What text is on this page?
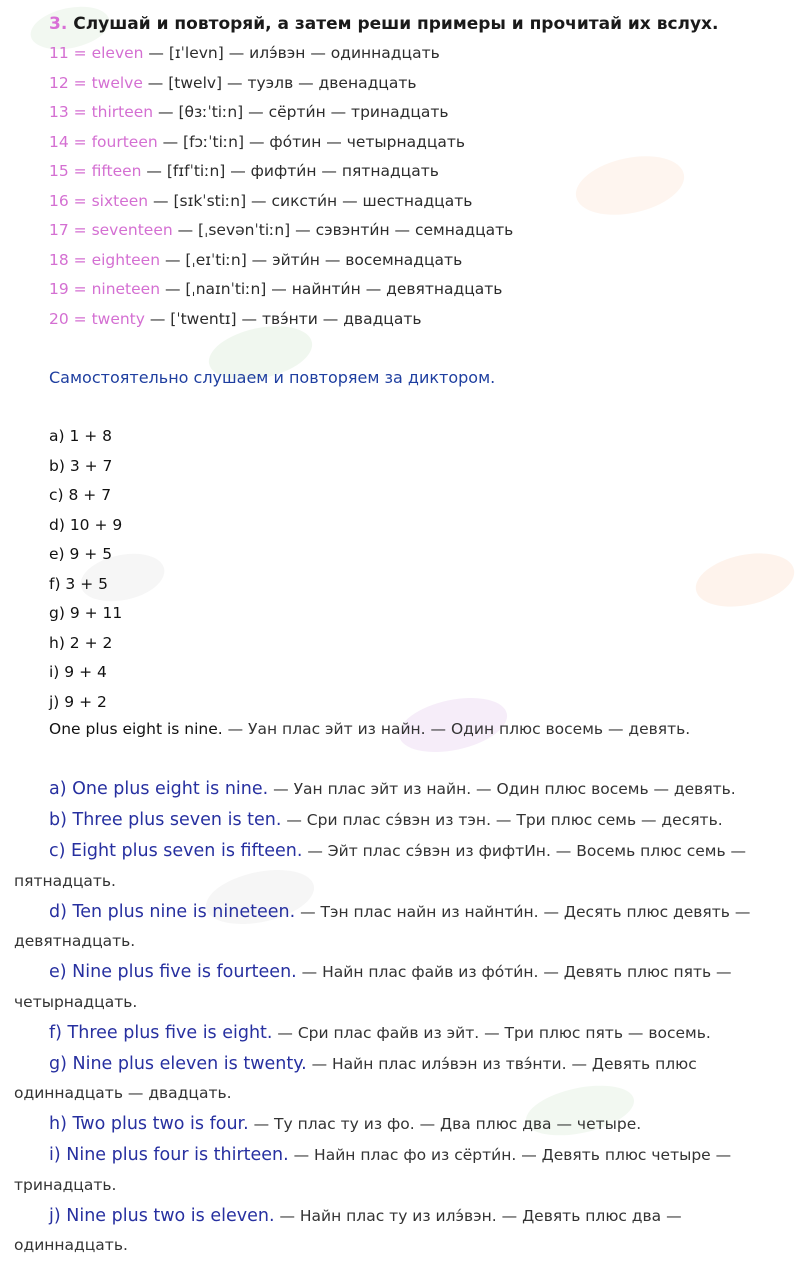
3. Слушай и повторяй, а затем реши примеры и прочитай их вслух.
11 = eleven — [ɪˈlevn] — илэ́вэн — одиннадцать
12 = twelve — [twelv] — туэлв — двенадцать
13 = thirteen — [θɜːˈtiːn] — сёрти́н — тринадцать
14 = fourteen — [fɔːˈtiːn] — фо́тин — четырнадцать
15 = fifteen — [fɪfˈtiːn] — фифти́н — пятнадцать
16 = sixteen — [sɪkˈstiːn] — сиксти́н — шестнадцать
17 = seventeen — [ˌsevənˈtiːn] — сэвэнти́н — семнадцать
18 = eighteen — [ˌeɪˈtiːn] — эйти́н — восемнадцать
19 = nineteen — [ˌnaɪnˈtiːn] — найнти́н — девятнадцать
20 = twenty — [ˈtwentɪ] — твэ́нти — двадцать
Самостоятельно слушаем и повторяем за диктором.
a) 1 + 8
b) 3 + 7
c) 8 + 7
d) 10 + 9
e) 9 + 5
f) 3 + 5
g) 9 + 11
h) 2 + 2
i) 9 + 4
j) 9 + 2
One plus eight is nine. — Уан плас эйт из найн. — Один плюс восемь — девять.

a) One plus eight is nine. — Уан плас эйт из найн. — Один плюс восемь — девять.

b) Three plus seven is ten. — Сри плас сэ́вэн из тэн. — Три плюс семь — десять.

c) Eight plus seven is fifteen. — Эйт плас сэ́вэн из фифтИн. — Восемь плюс семь — пятнадцать.

d) Ten plus nine is nineteen. — Тэн плас найн из найнти́н. — Десять плюс девять — девятнадцать.

e) Nine plus five is fourteen. — Найн плас файв из фо́ти́н. — Девять плюс пять — четырнадцать.

f) Three plus five is eight. — Сри плас файв из эйт. — Три плюс пять — восемь.

g) Nine plus eleven is twenty. — Найн плас илэ́вэн из твэ́нти. — Девять плюс одиннадцать — двадцать.

h) Two plus two is four. — Ту плас ту из фо. — Два плюс два — четыре.

i) Nine plus four is thirteen. — Найн плас фо из сёрти́н. — Девять плюс четыре — тринадцать.

j) Nine plus two is eleven. — Найн плас ту из илэ́вэн. — Девять плюс два — одиннадцать.
